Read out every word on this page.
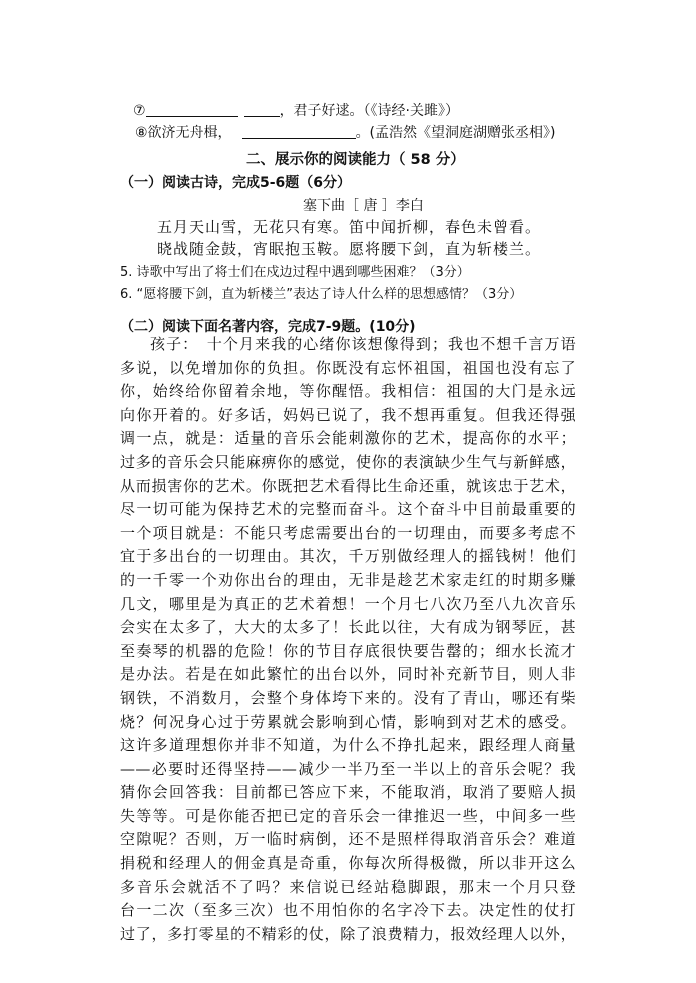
⑦	，君子好逑。（《诗经·关雎》）
⑧欲济无舟楫，	。(孟浩然《望洞庭湖赠张丞相》)
二、展示你的阅读能力（ 58 分）
（一）阅读古诗，完成5-6题（6分）
塞下曲［ 唐 ］李白
五月天山雪，无花只有寒。笛中闻折柳，春色未曾看。
晓战随金鼓，宵眠抱玉鞍。愿将腰下剑，直为斩楼兰。
5. 诗歌中写出了将士们在戍边过程中遇到哪些困难？（3分）
6. “愿将腰下剑，直为斩楼兰”表达了诗人什么样的思想感情？（3分）
（二）阅读下面名著内容，完成7-9题。(10分)

孩子：　十个月来我的心绪你该想像得到；我也不想千言万语

多说，以免增加你的负担。你既没有忘怀祖国，祖国也没有忘了

你，始终给你留着余地，等你醒悟。我相信：祖国的大门是永远

向你开着的。好多话，妈妈已说了，我不想再重复。但我还得强

调一点，就是：适量的音乐会能刺激你的艺术，提高你的水平；

过多的音乐会只能麻痹你的感觉，使你的表演缺少生气与新鲜感，

从而损害你的艺术。你既把艺术看得比生命还重，就该忠于艺术，

尽一切可能为保持艺术的完整而奋斗。这个奋斗中目前最重要的

一个项目就是：不能只考虑需要出台的一切理由，而要多考虑不

宜于多出台的一切理由。其次，千万别做经理人的摇钱树！他们

的一千零一个劝你出台的理由，无非是趁艺术家走红的时期多赚

几文，哪里是为真正的艺术着想！一个月七八次乃至八九次音乐

会实在太多了，大大的太多了！长此以往，大有成为钢琴匠，甚

至奏琴的机器的危险！你的节目存底很快要告罄的；细水长流才

是办法。若是在如此繁忙的出台以外，同时补充新节目，则人非

钢铁，不消数月，会整个身体垮下来的。没有了青山，哪还有柴

烧？何况身心过于劳累就会影响到心情，影响到对艺术的感受。

这许多道理想你并非不知道，为什么不挣扎起来，跟经理人商量

——必要时还得坚持——减少一半乃至一半以上的音乐会呢？我

猜你会回答我：目前都已答应下来，不能取消，取消了要赔人损

失等等。可是你能否把已定的音乐会一律推迟一些，中间多一些

空隙呢？否则，万一临时病倒，还不是照样得取消音乐会？难道

捐税和经理人的佣金真是奇重，你每次所得极微，所以非开这么

多音乐会就活不了吗？来信说已经站稳脚跟，那末一个月只登

台一二次（至多三次）也不用怕你的名字冷下去。决定性的仗打

过了，多打零星的不精彩的仗，除了浪费精力，报效经理人以外，
